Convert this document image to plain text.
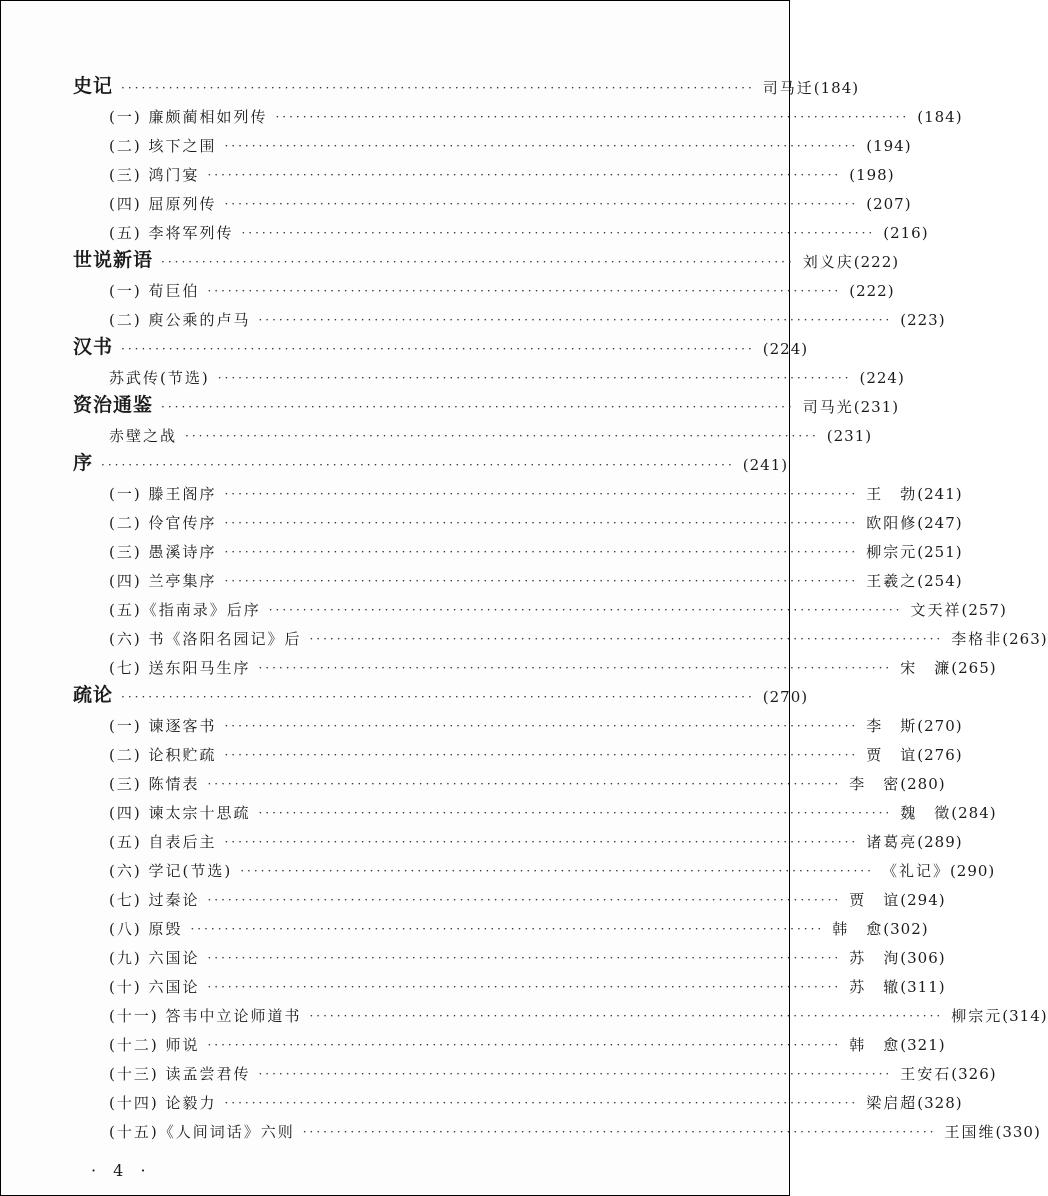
史记 ····························································································· 司马迁(184)
(一) 廉颇蔺相如列传 ····························································································· (184)
(二) 垓下之围 ····························································································· (194)
(三) 鸿门宴 ····························································································· (198)
(四) 屈原列传 ····························································································· (207)
(五) 李将军列传 ····························································································· (216)
世说新语 ····························································································· 刘义庆(222)
(一) 荀巨伯 ····························································································· (222)
(二) 庾公乘的卢马 ····························································································· (223)
汉书 ····························································································· (224)
苏武传(节选) ····························································································· (224)
资治通鉴 ····························································································· 司马光(231)
赤壁之战 ····························································································· (231)
序 ····························································································· (241)
(一) 滕王阁序 ····························································································· 王　勃(241)
(二) 伶官传序 ····························································································· 欧阳修(247)
(三) 愚溪诗序 ····························································································· 柳宗元(251)
(四) 兰亭集序 ····························································································· 王羲之(254)
(五)《指南录》后序 ····························································································· 文天祥(257)
(六) 书《洛阳名园记》后 ····························································································· 李格非(263)
(七) 送东阳马生序 ····························································································· 宋　濂(265)
疏论 ····························································································· (270)
(一) 谏逐客书 ····························································································· 李　斯(270)
(二) 论积贮疏 ····························································································· 贾　谊(276)
(三) 陈情表 ····························································································· 李　密(280)
(四) 谏太宗十思疏 ····························································································· 魏　徵(284)
(五) 自表后主 ····························································································· 诸葛亮(289)
(六) 学记(节选) ····························································································· 《礼记》(290)
(七) 过秦论 ····························································································· 贾　谊(294)
(八) 原毁 ····························································································· 韩　愈(302)
(九) 六国论 ····························································································· 苏　洵(306)
(十) 六国论 ····························································································· 苏　辙(311)
(十一) 答韦中立论师道书 ····························································································· 柳宗元(314)
(十二) 师说 ····························································································· 韩　愈(321)
(十三) 读孟尝君传 ····························································································· 王安石(326)
(十四) 论毅力 ····························································································· 梁启超(328)
(十五)《人间词话》六则 ····························································································· 王国维(330)
· 4 ·
